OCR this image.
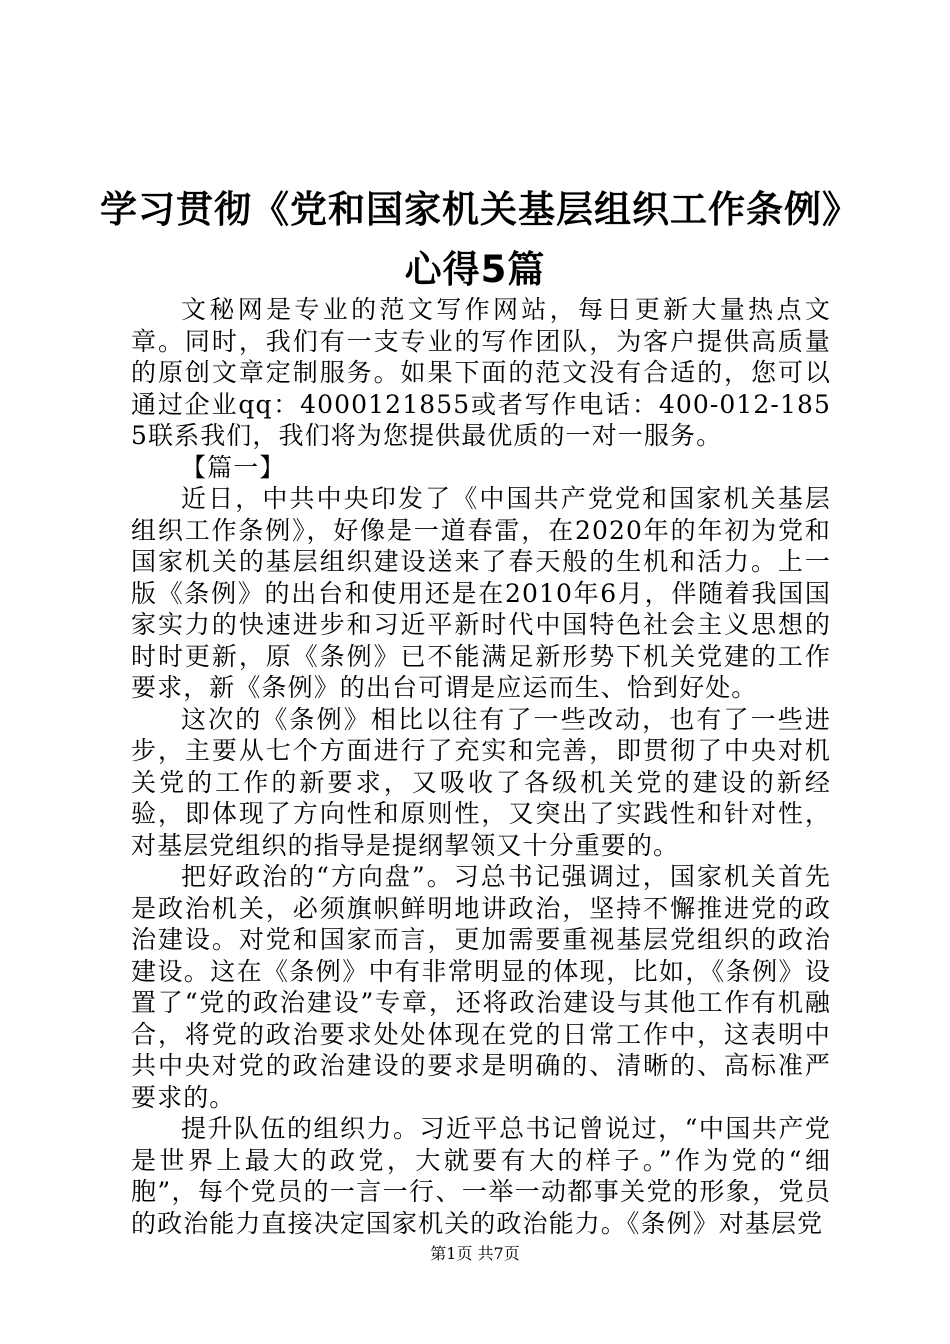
学习贯彻《党和国家机关基层组织工作条例》
心得5篇

文秘网是专业的范文写作网站，每日更新大量热点文章。同时，我们有一支专业的写作团队，为客户提供高质量的原创文章定制服务。如果下面的范文没有合适的，您可以通过企业qq：4000121855或者写作电话：400-012-1855联系我们，我们将为您提供最优质的一对一服务。

【篇一】

近日，中共中央印发了《中国共产党党和国家机关基层组织工作条例》，好像是一道春雷，在2020年的年初为党和国家机关的基层组织建设送来了春天般的生机和活力。上一版《条例》的出台和使用还是在2010年6月，伴随着我国国家实力的快速进步和习近平新时代中国特色社会主义思想的时时更新，原《条例》已不能满足新形势下机关党建的工作要求，新《条例》的出台可谓是应运而生、恰到好处。

这次的《条例》相比以往有了一些改动，也有了一些进步，主要从七个方面进行了充实和完善，即贯彻了中央对机关党的工作的新要求，又吸收了各级机关党的建设的新经验，即体现了方向性和原则性，又突出了实践性和针对性，对基层党组织的指导是提纲挈领又十分重要的。

把好政治的“方向盘”。习总书记强调过，国家机关首先是政治机关，必须旗帜鲜明地讲政治，坚持不懈推进党的政治建设。对党和国家而言，更加需要重视基层党组织的政治建设。这在《条例》中有非常明显的体现，比如，《条例》设置了“党的政治建设”专章，还将政治建设与其他工作有机融合，将党的政治要求处处体现在党的日常工作中，这表明中共中央对党的政治建设的要求是明确的、清晰的、高标准严要求的。

提升队伍的组织力。习近平总书记曾说过，“中国共产党是世界上最大的政党，大就要有大的样子。”作为党的“细胞”，每个党员的一言一行、一举一动都事关党的形象，党员的政治能力直接决定国家机关的政治能力。《条例》对基层党

第1页 共7页
